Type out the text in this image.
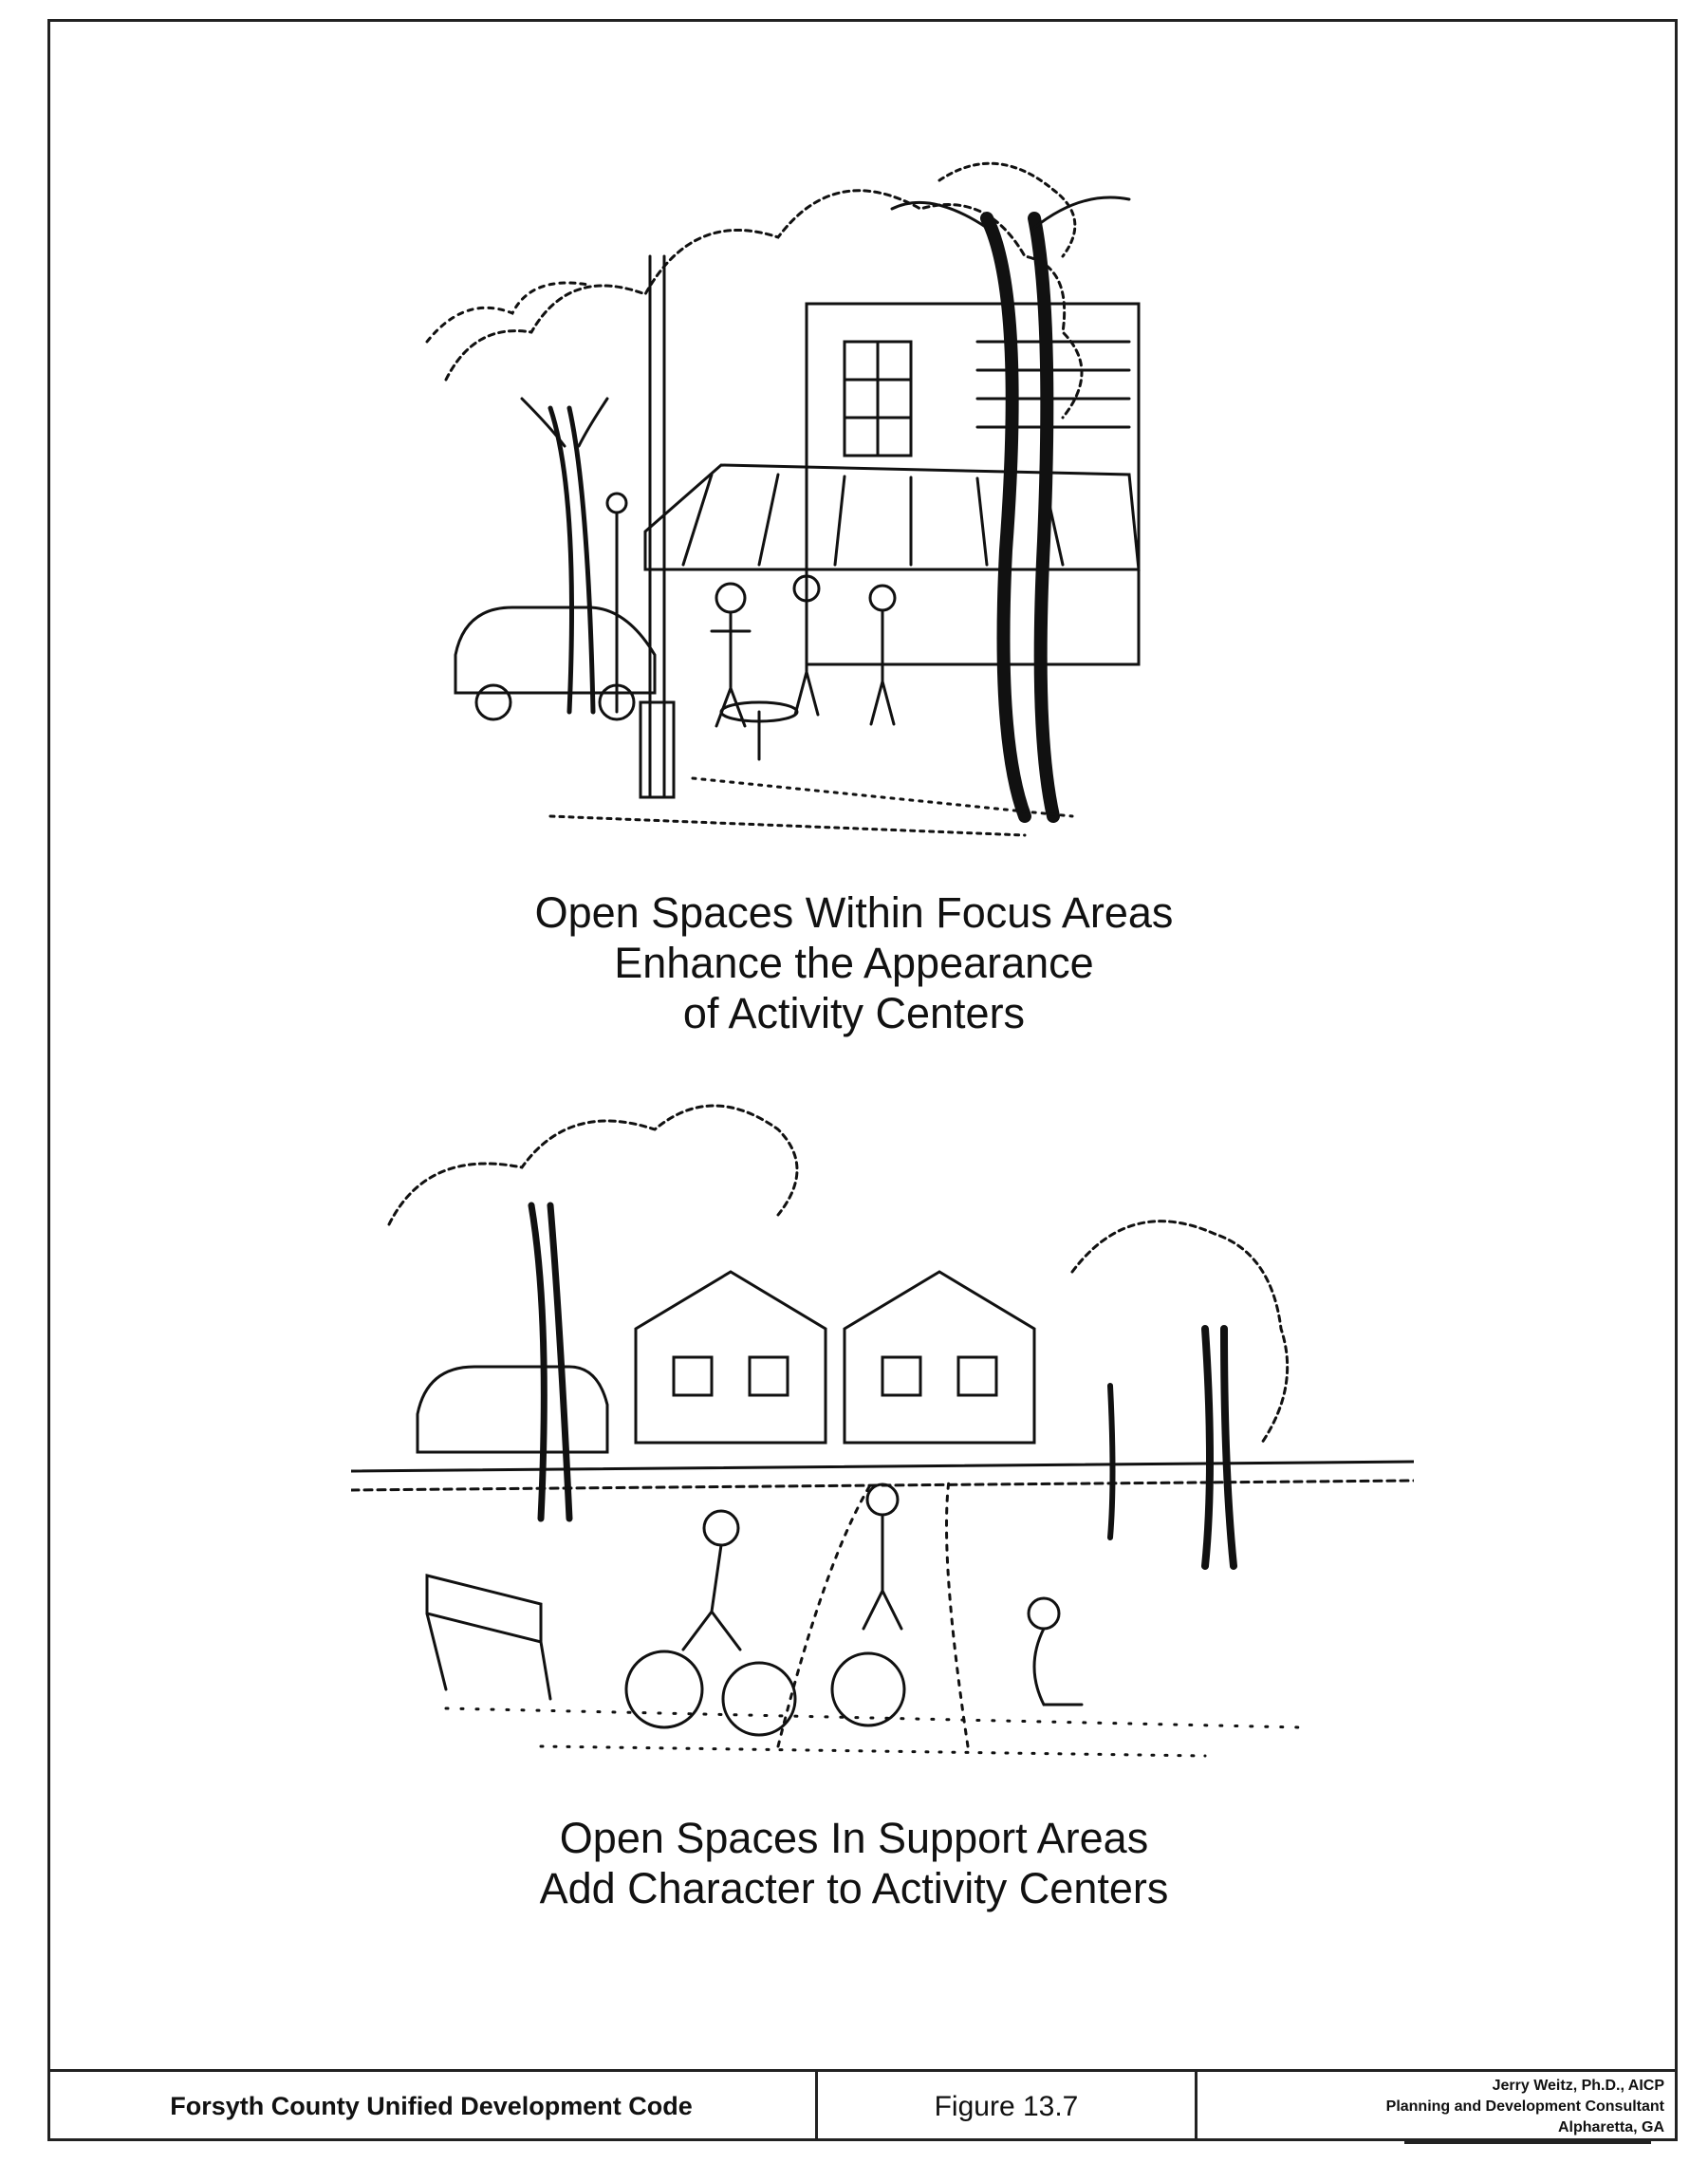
Open Spaces Within Focus Areas
Enhance the Appearance
of Activity Centers
Open Spaces In Support Areas
Add Character to Activity Centers
Forsyth County Unified Development Code	Figure 13.7
Jerry Weitz, Ph.D., AICP
Planning and Development Consultant
Alpharetta, GA
